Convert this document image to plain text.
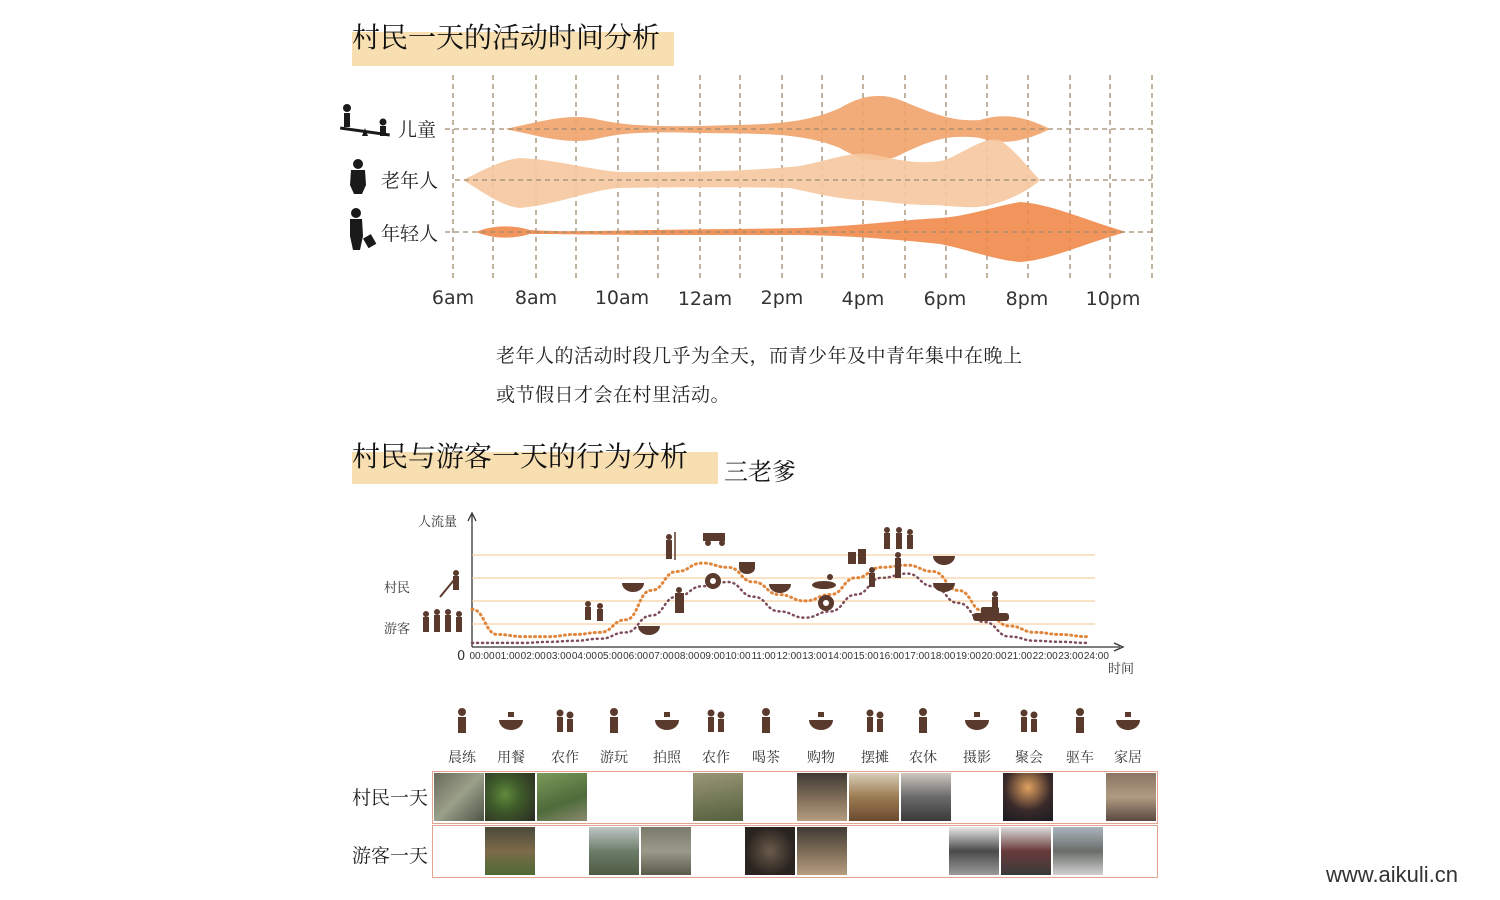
村民一天的活动时间分析
儿童
老年人
年轻人
6am	8am	10am	12am	2pm	4pm	6pm	8pm	10pm
老年人的活动时段几乎为全天，而青少年及中青年集中在晚上
或节假日才会在村里活动。
村民与游客一天的行为分析 三老爹
人流量
时间
0
村民
游客
00:00 01:00 02:00 03:00 04:00 05:00 06:00 07:00 08:00 09:00 10:00 11:00 12:00 13:00 14:00 15:00 16:00 17:00 18:00 19:00 20:00 21:00 22:00 23:00 24:00
晨练	用餐	农作	游玩	拍照	农作	喝茶	购物	摆摊	农休	摄影	聚会	驱车	家居
村民一天
游客一天
www.aikuli.cn
